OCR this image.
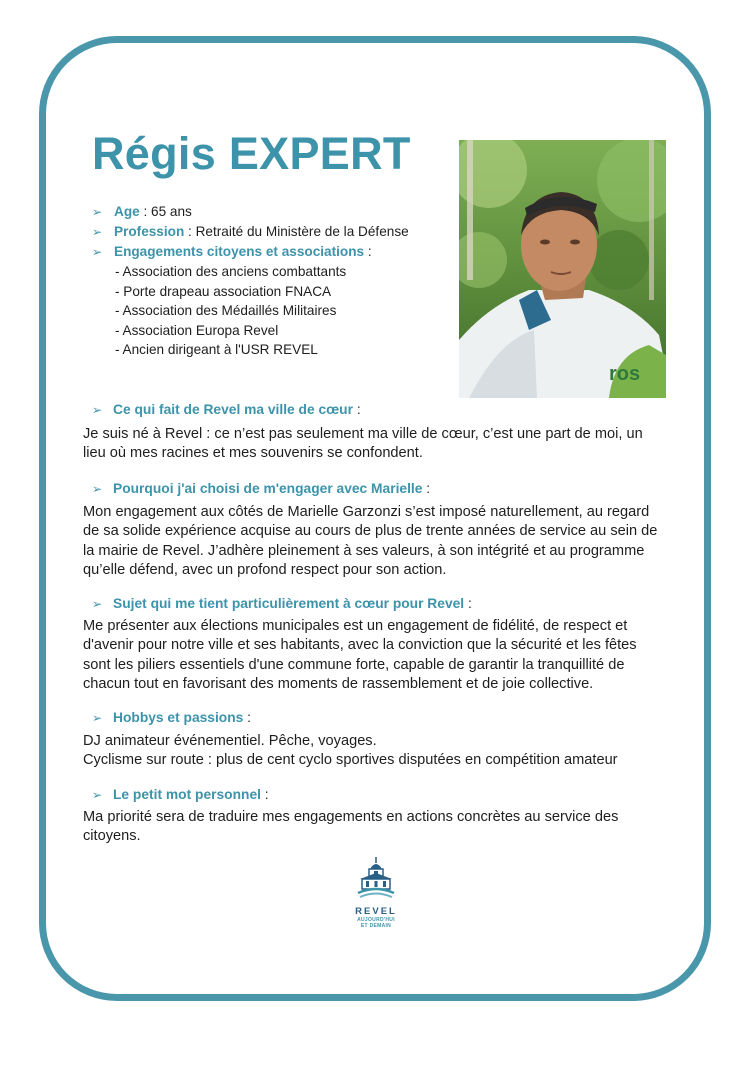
Régis EXPERT
ros
➢ Age : 65 ans
➢ Profession : Retraité du Ministère de la Défense
➢ Engagements citoyens et associations :
- Association des anciens combattants
- Porte drapeau association FNACA
- Association des Médaillés Militaires
- Association Europa Revel
- Ancien dirigeant à l'USR REVEL
➢ Ce qui fait de Revel ma ville de cœur :

Je suis né à Revel : ce n’est pas seulement ma ville de cœur, c’est une part de moi, un lieu où mes racines et mes souvenirs se confondent.

➢ Pourquoi j'ai choisi de m'engager avec Marielle :

Mon engagement aux côtés de Marielle Garzonzi s’est imposé naturellement, au regard de sa solide expérience acquise au cours de plus de trente années de service au sein de la mairie de Revel. J’adhère pleinement à ses valeurs, à son intégrité et au programme qu’elle défend, avec un profond respect pour son action.

➢ Sujet qui me tient particulièrement à cœur pour Revel :

Me présenter aux élections municipales est un engagement de fidélité, de respect et d'avenir pour notre ville et ses habitants, avec la conviction que la sécurité et les fêtes sont les piliers essentiels d'une commune forte, capable de garantir la tranquillité de chacun tout en favorisant des moments de rassemblement et de joie collective.

➢ Hobbys et passions :

DJ animateur événementiel. Pêche, voyages.
Cyclisme sur route : plus de cent cyclo sportives disputées en compétition amateur

➢ Le petit mot personnel :

Ma priorité sera de traduire mes engagements en actions concrètes au service des citoyens.

REVEL
AUJOURD'HUI
ET DEMAIN
